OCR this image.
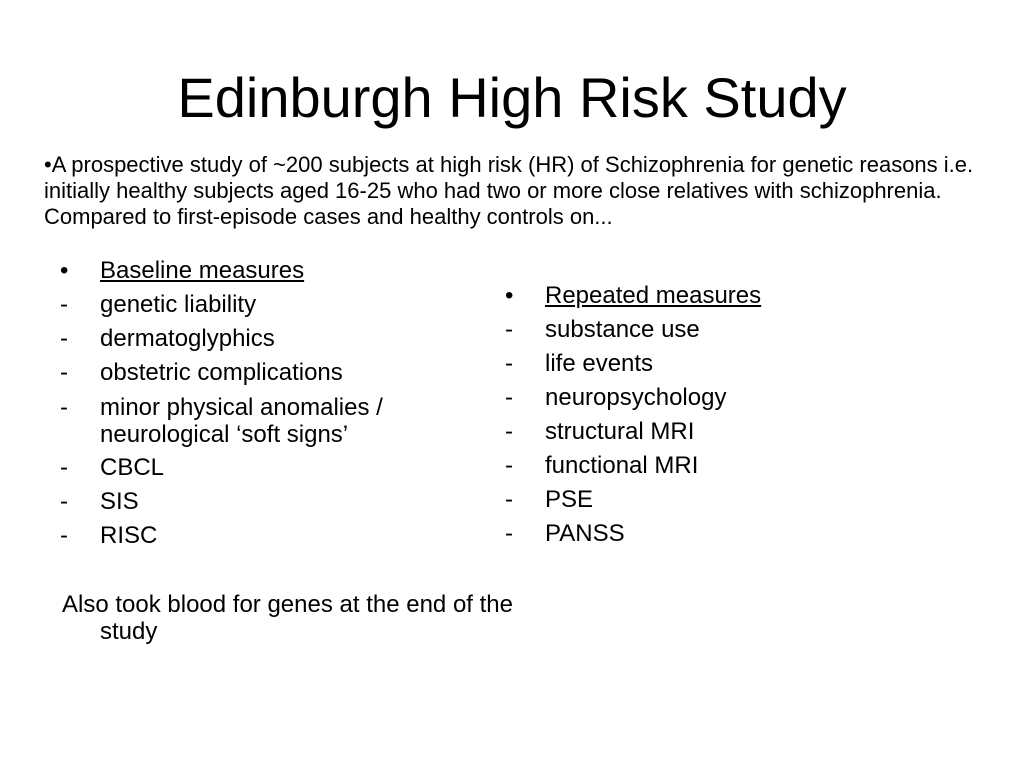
Edinburgh High Risk Study

•A prospective study of ~200 subjects at high risk (HR) of Schizophrenia for genetic reasons i.e. initially healthy subjects aged 16-25 who had two or more close relatives with schizophrenia. Compared to first-episode cases and healthy controls on...

•	Baseline measures
-	genetic liability
-	dermatoglyphics
-	obstetric complications
-	minor physical anomalies / neurological ‘soft signs’
-	CBCL
-	SIS
-	RISC
Also took blood for genes at the end of the study
•	Repeated measures
-	substance use
-	life events
-	neuropsychology
-	structural MRI
-	functional MRI
-	PSE
-	PANSS
